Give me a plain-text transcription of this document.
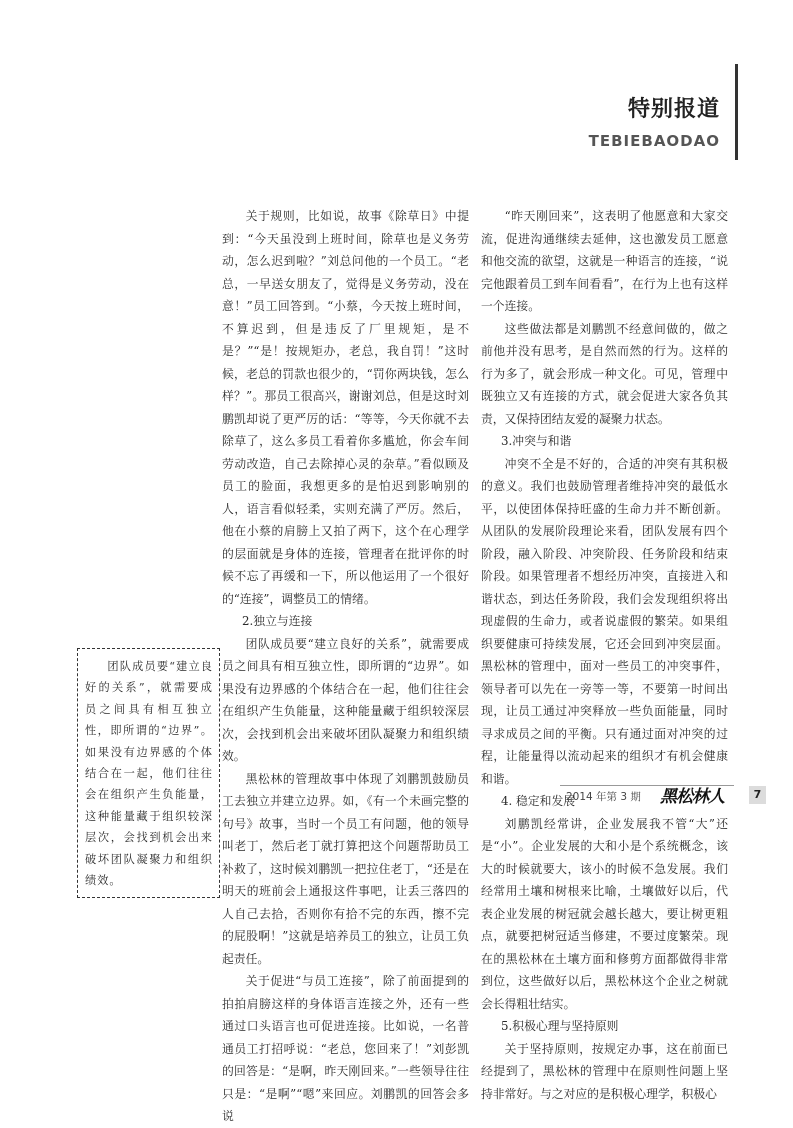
特别报道
TEBIEBAODAO

关于规则，比如说，故事《除草日》中提到：“今天虽没到上班时间，除草也是义务劳动，怎么迟到啦？”刘总问他的一个员工。“老总，一早送女朋友了，觉得是义务劳动，没在意！”员工回答到。“小蔡，今天按上班时间，不算迟到，但是违反了厂里规矩，是不是？”“是！按规矩办，老总，我自罚！”这时候，老总的罚款也很少的，“罚你两块钱，怎么样？”。那员工很高兴，谢谢刘总，但是这时刘鹏凯却说了更严厉的话：“等等，今天你就不去除草了，这么多员工看着你多尴尬，你会车间劳动改造，自己去除掉心灵的杂草。”看似顾及员工的脸面，我想更多的是怕迟到影响别的人，语言看似轻柔，实则充满了严厉。然后，他在小蔡的肩膀上又拍了两下，这个在心理学的层面就是身体的连接，管理者在批评你的时候不忘了再缓和一下，所以他运用了一个很好的“连接”，调整员工的情绪。

2.独立与连接

团队成员要“建立良好的关系”，就需要成员之间具有相互独立性，即所谓的“边界”。如果没有边界感的个体结合在一起，他们往往会在组织产生负能量，这种能量藏于组织较深层次，会找到机会出来破坏团队凝聚力和组织绩效。

黑松林的管理故事中体现了刘鹏凯鼓励员工去独立并建立边界。如，《有一个未画完整的句号》故事，当时一个员工有问题，他的领导叫老丁，然后老丁就打算把这个问题帮助员工补救了，这时候刘鹏凯一把拉住老丁，“还是在明天的班前会上通报这件事吧，让丢三落四的人自己去拾，否则你有拾不完的东西，擦不完的屁股啊！”这就是培养员工的独立，让员工负起责任。

关于促进“与员工连接”，除了前面提到的拍拍肩膀这样的身体语言连接之外，还有一些通过口头语言也可促进连接。比如说，一名普通员工打招呼说：“老总，您回来了！”刘彭凯的回答是：“是啊，昨天刚回来。”一些领导往往只是：“是啊”“嗯”来回应。刘鹏凯的回答会多说

“昨天刚回来”，这表明了他愿意和大家交流，促进沟通继续去延伸，这也激发员工愿意和他交流的欲望，这就是一种语言的连接，“说完他跟着员工到车间看看”，在行为上也有这样一个连接。

这些做法都是刘鹏凯不经意间做的，做之前他并没有思考，是自然而然的行为。这样的行为多了，就会形成一种文化。可见，管理中既独立又有连接的方式，就会促进大家各负其责，又保持团结友爱的凝聚力状态。

3.冲突与和谐

冲突不全是不好的，合适的冲突有其积极的意义。我们也鼓励管理者维持冲突的最低水平，以使团体保持旺盛的生命力并不断创新。从团队的发展阶段理论来看，团队发展有四个阶段，融入阶段、冲突阶段、任务阶段和结束阶段。如果管理者不想经历冲突，直接进入和谐状态，到达任务阶段，我们会发现组织将出现虚假的生命力，或者说虚假的繁荣。如果组织要健康可持续发展，它还会回到冲突层面。黑松林的管理中，面对一些员工的冲突事件，领导者可以先在一旁等一等，不要第一时间出现，让员工通过冲突释放一些负面能量，同时寻求成员之间的平衡。只有通过面对冲突的过程，让能量得以流动起来的组织才有机会健康和谐。

4. 稳定和发展

刘鹏凯经常讲，企业发展我不管“大”还是“小”。企业发展的大和小是个系统概念，该大的时候就要大，该小的时候不急发展。我们经常用土壤和树根来比喻，土壤做好以后，代表企业发展的树冠就会越长越大，要让树更粗点，就要把树冠适当修建，不要过度繁荣。现在的黑松林在土壤方面和修剪方面都做得非常到位，这些做好以后，黑松林这个企业之树就会长得粗壮结实。

5.积极心理与坚持原则

关于坚持原则，按规定办事，这在前面已经提到了，黑松林的管理中在原则性问题上坚持非常好。与之对应的是积极心理学，积极心

团队成员要“建立良好的关系”，就需要成员之间具有相互独立性，即所谓的“边界”。如果没有边界感的个体结合在一起，他们往往会在组织产生负能量，这种能量藏于组织较深层次，会找到机会出来破坏团队凝聚力和组织绩效。

2014 年第 3 期 黑松林人	7
